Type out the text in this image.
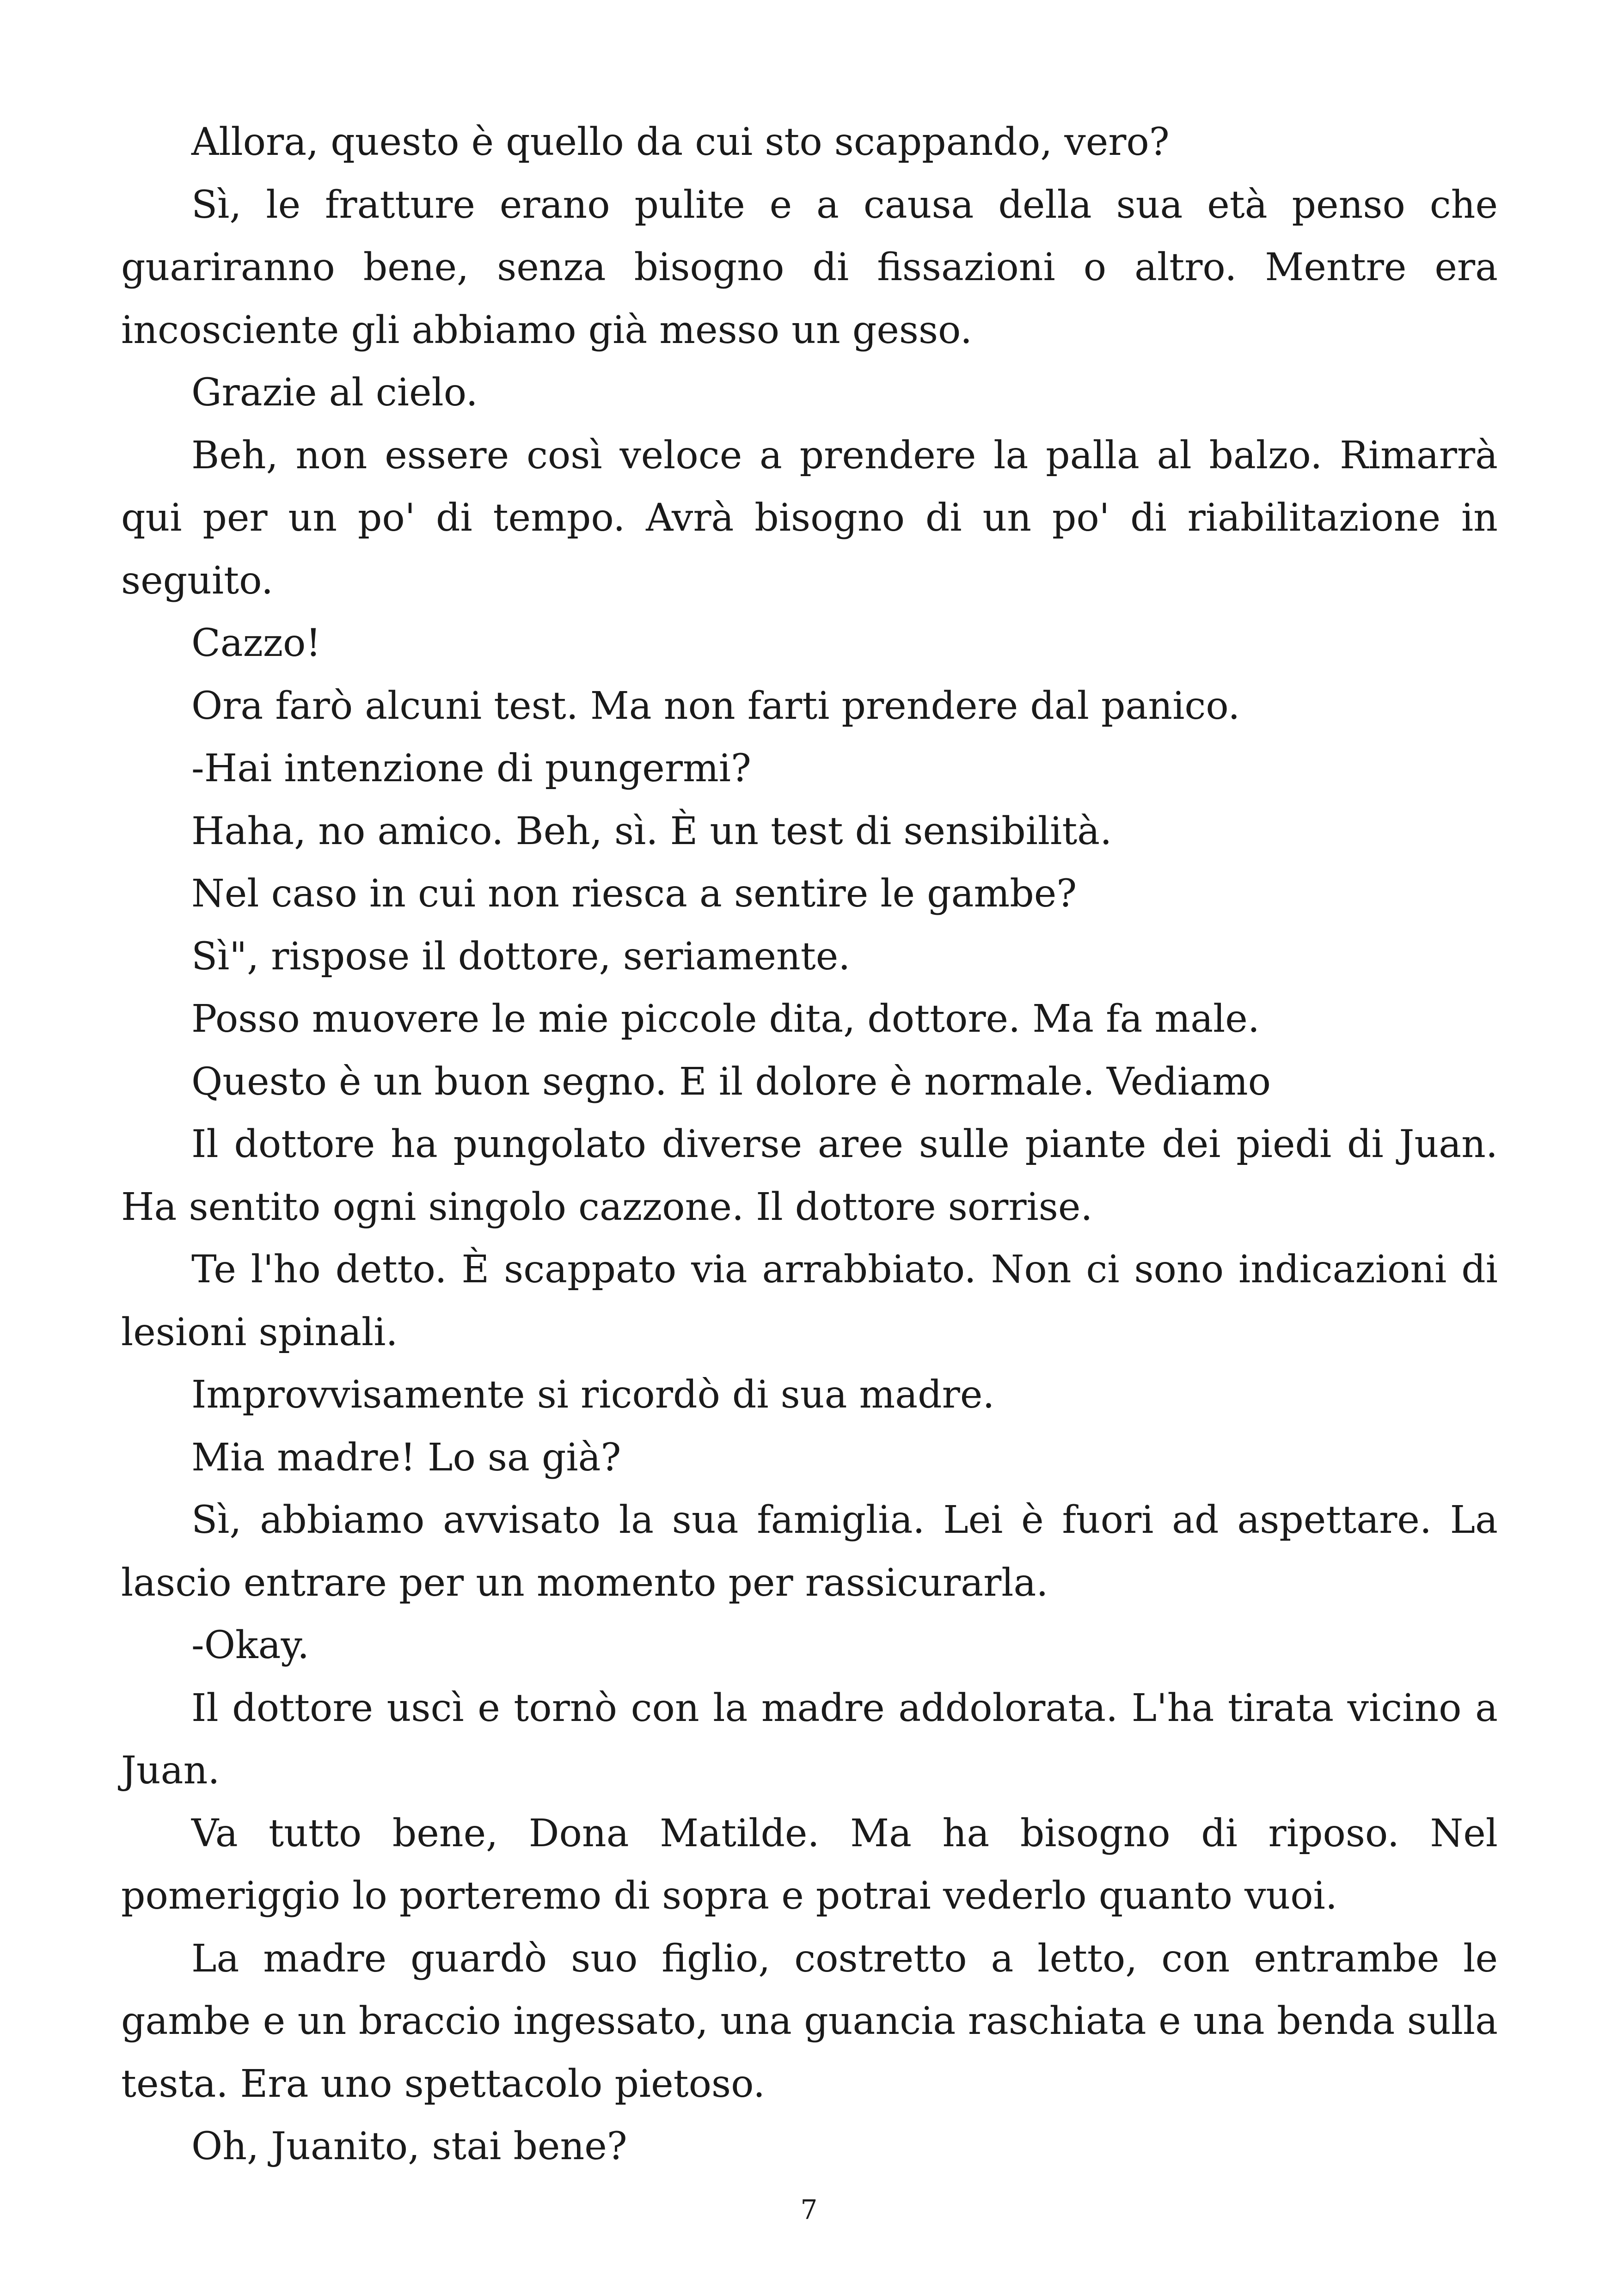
Allora, questo è quello da cui sto scappando, vero?

Sì, le fratture erano pulite e a causa della sua età penso che guariranno bene, senza bisogno di fissazioni o altro. Mentre era incosciente gli abbiamo già messo un gesso.

Grazie al cielo.

Beh, non essere così veloce a prendere la palla al balzo. Rimarrà qui per un po' di tempo. Avrà bisogno di un po' di riabilitazione in seguito.

Cazzo!

Ora farò alcuni test. Ma non farti prendere dal panico.

-Hai intenzione di pungermi?

Haha, no amico. Beh, sì. È un test di sensibilità.

Nel caso in cui non riesca a sentire le gambe?

Sì", rispose il dottore, seriamente.

Posso muovere le mie piccole dita, dottore. Ma fa male.

Questo è un buon segno. E il dolore è normale. Vediamo

Il dottore ha pungolato diverse aree sulle piante dei piedi di Juan. Ha sentito ogni singolo cazzone. Il dottore sorrise.

Te l'ho detto. È scappato via arrabbiato. Non ci sono indicazioni di lesioni spinali.

Improvvisamente si ricordò di sua madre.

Mia madre! Lo sa già?

Sì, abbiamo avvisato la sua famiglia. Lei è fuori ad aspettare. La lascio entrare per un momento per rassicurarla.

-Okay.

Il dottore uscì e tornò con la madre addolorata. L'ha tirata vicino a Juan.

Va tutto bene, Dona Matilde. Ma ha bisogno di riposo. Nel pomeriggio lo porteremo di sopra e potrai vederlo quanto vuoi.

La madre guardò suo figlio, costretto a letto, con entrambe le gambe e un braccio ingessato, una guancia raschiata e una benda sulla testa. Era uno spettacolo pietoso.

Oh, Juanito, stai bene?

7
